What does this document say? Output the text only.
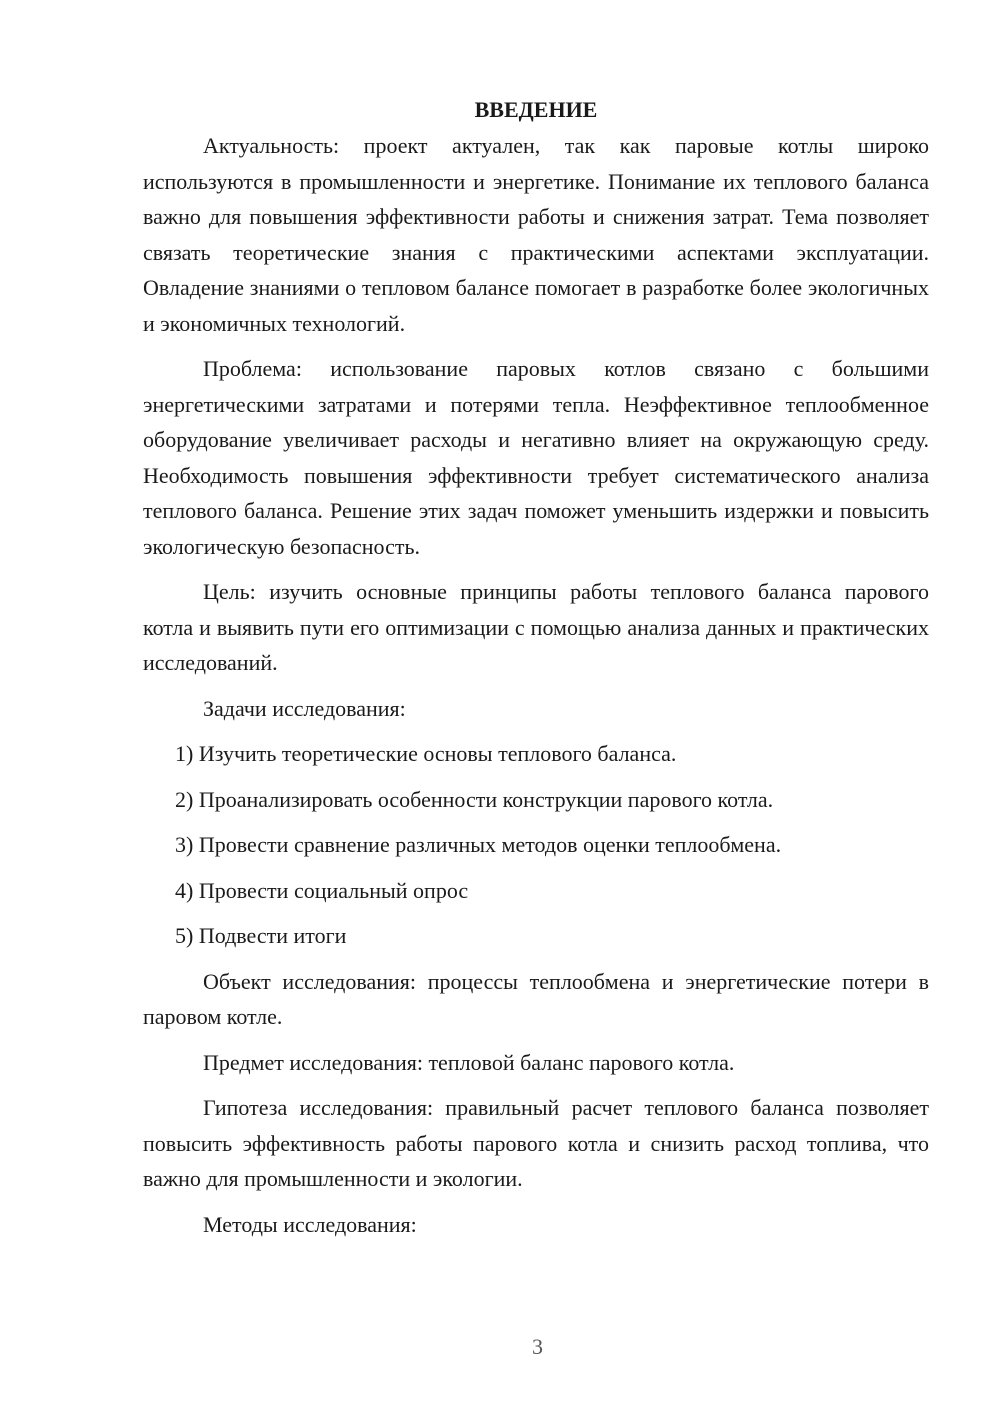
ВВЕДЕНИЕ

Актуальность: проект актуален, так как паровые котлы широко используются в промышленности и энергетике. Понимание их теплового баланса важно для повышения эффективности работы и снижения затрат. Тема позволяет связать теоретические знания с практическими аспектами эксплуатации. Овладение знаниями о тепловом балансе помогает в разработке более экологичных и экономичных технологий.

Проблема: использование паровых котлов связано с большими энергетическими затратами и потерями тепла. Неэффективное теплообменное оборудование увеличивает расходы и негативно влияет на окружающую среду. Необходимость повышения эффективности требует систематического анализа теплового баланса. Решение этих задач поможет уменьшить издержки и повысить экологическую безопасность.

Цель: изучить основные принципы работы теплового баланса парового котла и выявить пути его оптимизации с помощью анализа данных и практических исследований.

Задачи исследования:

1) Изучить теоретические основы теплового баланса.

2) Проанализировать особенности конструкции парового котла.

3) Провести сравнение различных методов оценки теплообмена.

4) Провести социальный опрос

5) Подвести итоги

Объект исследования: процессы теплообмена и энергетические потери в паровом котле.

Предмет исследования: тепловой баланс парового котла.

Гипотеза исследования: правильный расчет теплового баланса позволяет повысить эффективность работы парового котла и снизить расход топлива, что важно для промышленности и экологии.

Методы исследования:

3
